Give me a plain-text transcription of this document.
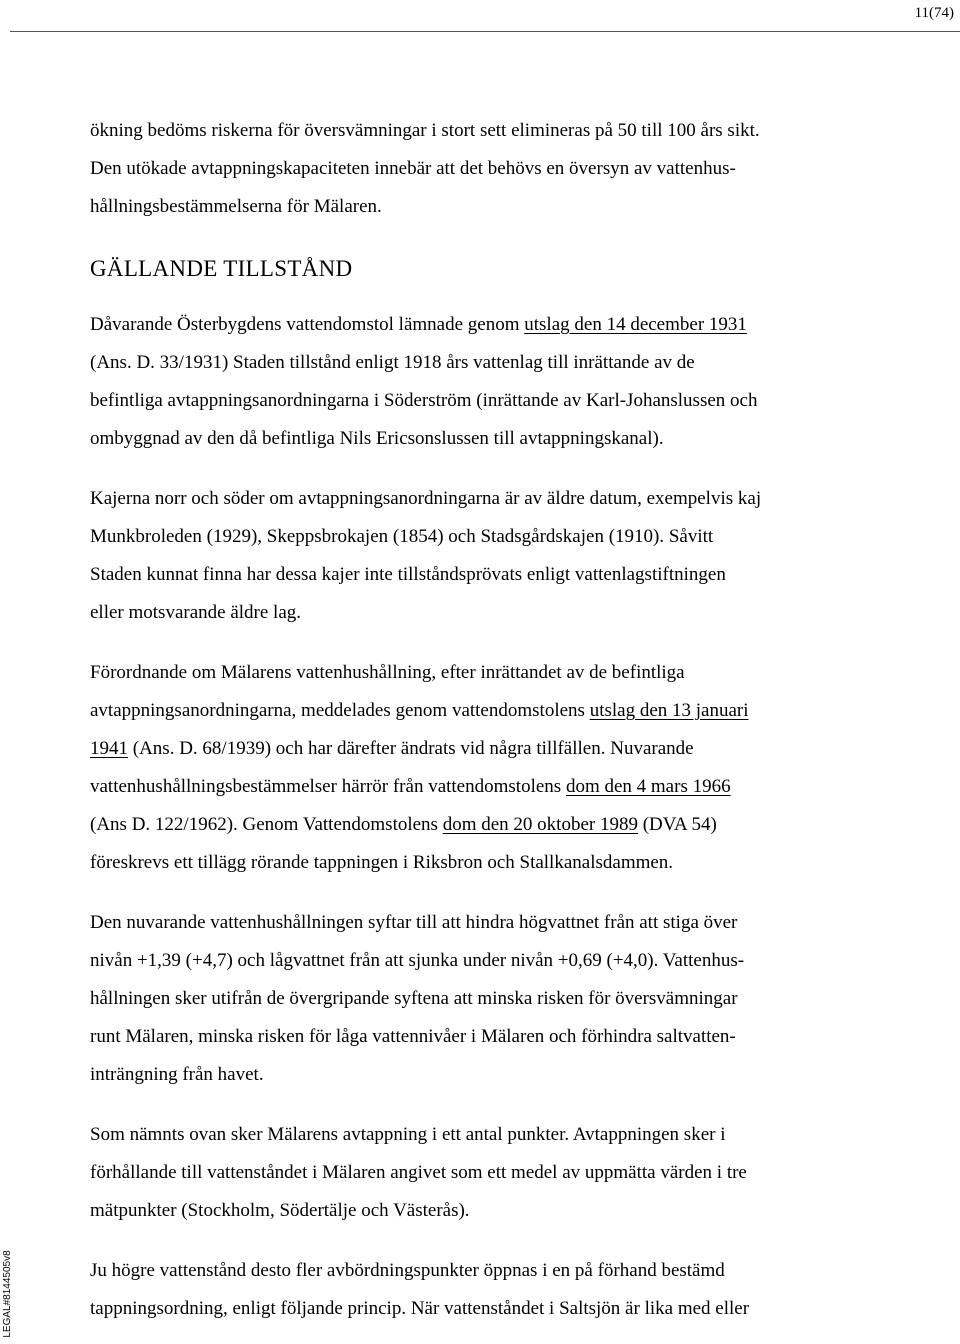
11(74)
LEGAL#8144505v8

ökning bedöms riskerna för översvämningar i stort sett elimineras på 50 till 100 års sikt.
Den utökade avtappningskapaciteten innebär att det behövs en översyn av vattenhus-
hållningsbestämmelserna för Mälaren.

GÄLLANDE TILLSTÅND

Dåvarande Österbygdens vattendomstol lämnade genom utslag den 14 december 1931
(Ans. D. 33/1931) Staden tillstånd enligt 1918 års vattenlag till inrättande av de
befintliga avtappningsanordningarna i Söderström (inrättande av Karl-Johanslussen och
ombyggnad av den då befintliga Nils Ericsonslussen till avtappningskanal).

Kajerna norr och söder om avtappningsanordningarna är av äldre datum, exempelvis kaj
Munkbroleden (1929), Skeppsbrokajen (1854) och Stadsgårdskajen (1910). Såvitt
Staden kunnat finna har dessa kajer inte tillståndsprövats enligt vattenlagstiftningen
eller motsvarande äldre lag.

Förordnande om Mälarens vattenhushållning, efter inrättandet av de befintliga
avtappningsanordningarna, meddelades genom vattendomstolens utslag den 13 januari
1941 (Ans. D. 68/1939) och har därefter ändrats vid några tillfällen. Nuvarande
vattenhushållningsbestämmelser härrör från vattendomstolens dom den 4 mars 1966
(Ans D. 122/1962). Genom Vattendomstolens dom den 20 oktober 1989 (DVA 54)
föreskrevs ett tillägg rörande tappningen i Riksbron och Stallkanalsdammen.

Den nuvarande vattenhushållningen syftar till att hindra högvattnet från att stiga över
nivån +1,39 (+4,7) och lågvattnet från att sjunka under nivån +0,69 (+4,0). Vattenhus-
hållningen sker utifrån de övergripande syftena att minska risken för översvämningar
runt Mälaren, minska risken för låga vattennivåer i Mälaren och förhindra saltvatten-
inträngning från havet.

Som nämnts ovan sker Mälarens avtappning i ett antal punkter. Avtappningen sker i
förhållande till vattenståndet i Mälaren angivet som ett medel av uppmätta värden i tre
mätpunkter (Stockholm, Södertälje och Västerås).

Ju högre vattenstånd desto fler avbördningspunkter öppnas i en på förhand bestämd
tappningsordning, enligt följande princip. När vattenståndet i Saltsjön är lika med eller
